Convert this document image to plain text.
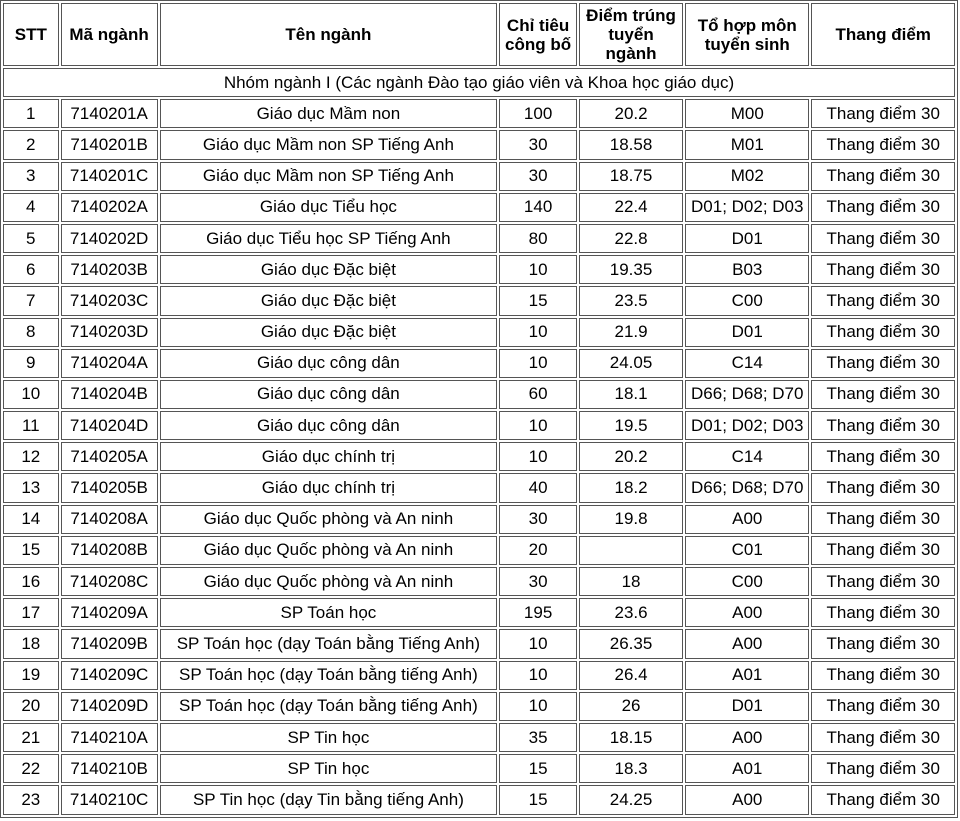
STT	Mã ngành	Tên ngành	Chỉ tiêu công bố	Điểm trúng tuyển ngành	Tổ hợp môn tuyển sinh	Thang điểm
Nhóm ngành I (Các ngành Đào tạo giáo viên và Khoa học giáo dục)						
1	7140201A	Giáo dục Mầm non	100	20.2	M00	Thang điểm 30
2	7140201B	Giáo dục Mầm non SP Tiếng Anh	30	18.58	M01	Thang điểm 30
3	7140201C	Giáo dục Mầm non SP Tiếng Anh	30	18.75	M02	Thang điểm 30
4	7140202A	Giáo dục Tiểu học	140	22.4	D01; D02; D03	Thang điểm 30
5	7140202D	Giáo dục Tiểu học SP Tiếng Anh	80	22.8	D01	Thang điểm 30
6	7140203B	Giáo dục Đặc biệt	10	19.35	B03	Thang điểm 30
7	7140203C	Giáo dục Đặc biệt	15	23.5	C00	Thang điểm 30
8	7140203D	Giáo dục Đặc biệt	10	21.9	D01	Thang điểm 30
9	7140204A	Giáo dục công dân	10	24.05	C14	Thang điểm 30
10	7140204B	Giáo dục công dân	60	18.1	D66; D68; D70	Thang điểm 30
11	7140204D	Giáo dục công dân	10	19.5	D01; D02; D03	Thang điểm 30
12	7140205A	Giáo dục chính trị	10	20.2	C14	Thang điểm 30
13	7140205B	Giáo dục chính trị	40	18.2	D66; D68; D70	Thang điểm 30
14	7140208A	Giáo dục Quốc phòng và An ninh	30	19.8	A00	Thang điểm 30
15	7140208B	Giáo dục Quốc phòng và An ninh	20		C01	Thang điểm 30
16	7140208C	Giáo dục Quốc phòng và An ninh	30	18	C00	Thang điểm 30
17	7140209A	SP Toán học	195	23.6	A00	Thang điểm 30
18	7140209B	SP Toán học (dạy Toán bằng Tiếng Anh)	10	26.35	A00	Thang điểm 30
19	7140209C	SP Toán học (dạy Toán bằng tiếng Anh)	10	26.4	A01	Thang điểm 30
20	7140209D	SP Toán học (dạy Toán bằng tiếng Anh)	10	26	D01	Thang điểm 30
21	7140210A	SP Tin học	35	18.15	A00	Thang điểm 30
22	7140210B	SP Tin học	15	18.3	A01	Thang điểm 30
23	7140210C	SP Tin học (dạy Tin bằng tiếng Anh)	15	24.25	A00	Thang điểm 30
